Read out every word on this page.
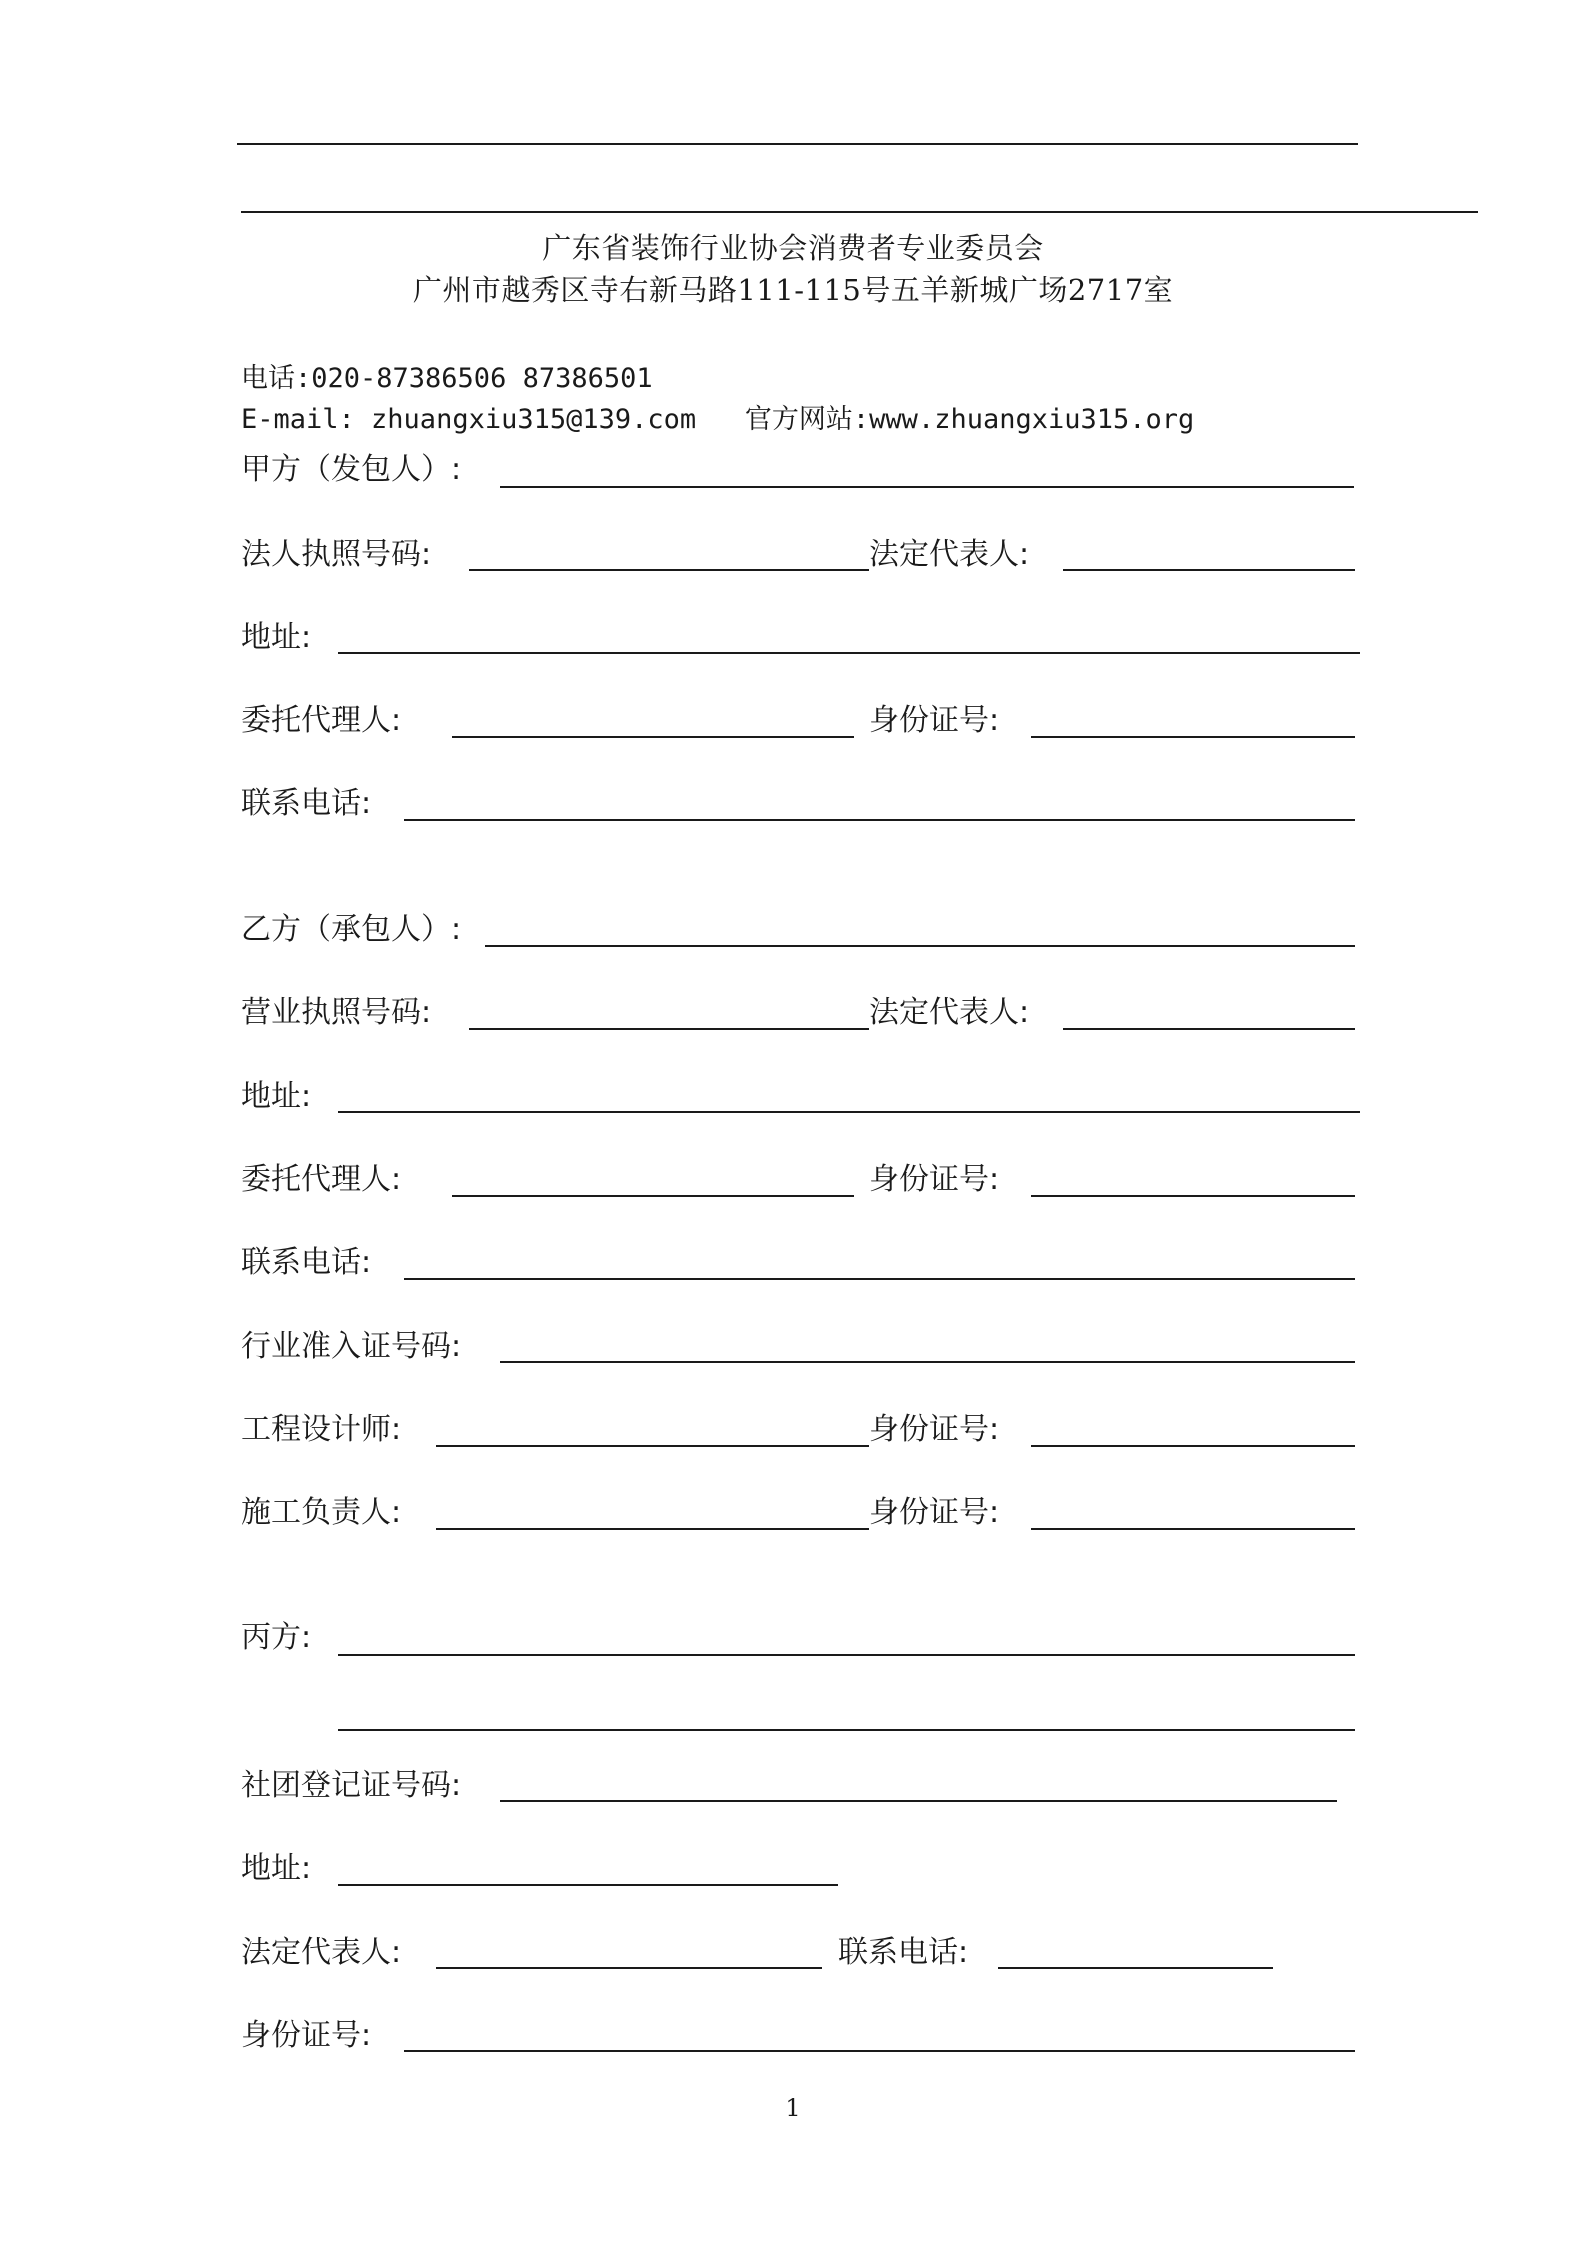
广东省装饰行业协会消费者专业委员会
广州市越秀区寺右新马路111-115号五羊新城广场2717室
电话:020-87386506 87386501
E-mail: zhuangxiu315@139.com   官方网站:www.zhuangxiu315.org
甲方（发包人）:
法人执照号码:	法定代表人:
地址:
委托代理人:	身份证号:
联系电话:
乙方（承包人）:
营业执照号码:	法定代表人:
地址:
委托代理人:	身份证号:
联系电话:
行业准入证号码:
工程设计师:	身份证号:
施工负责人:	身份证号:
丙方:
社团登记证号码:
地址:
法定代表人:	联系电话:
身份证号:
1
